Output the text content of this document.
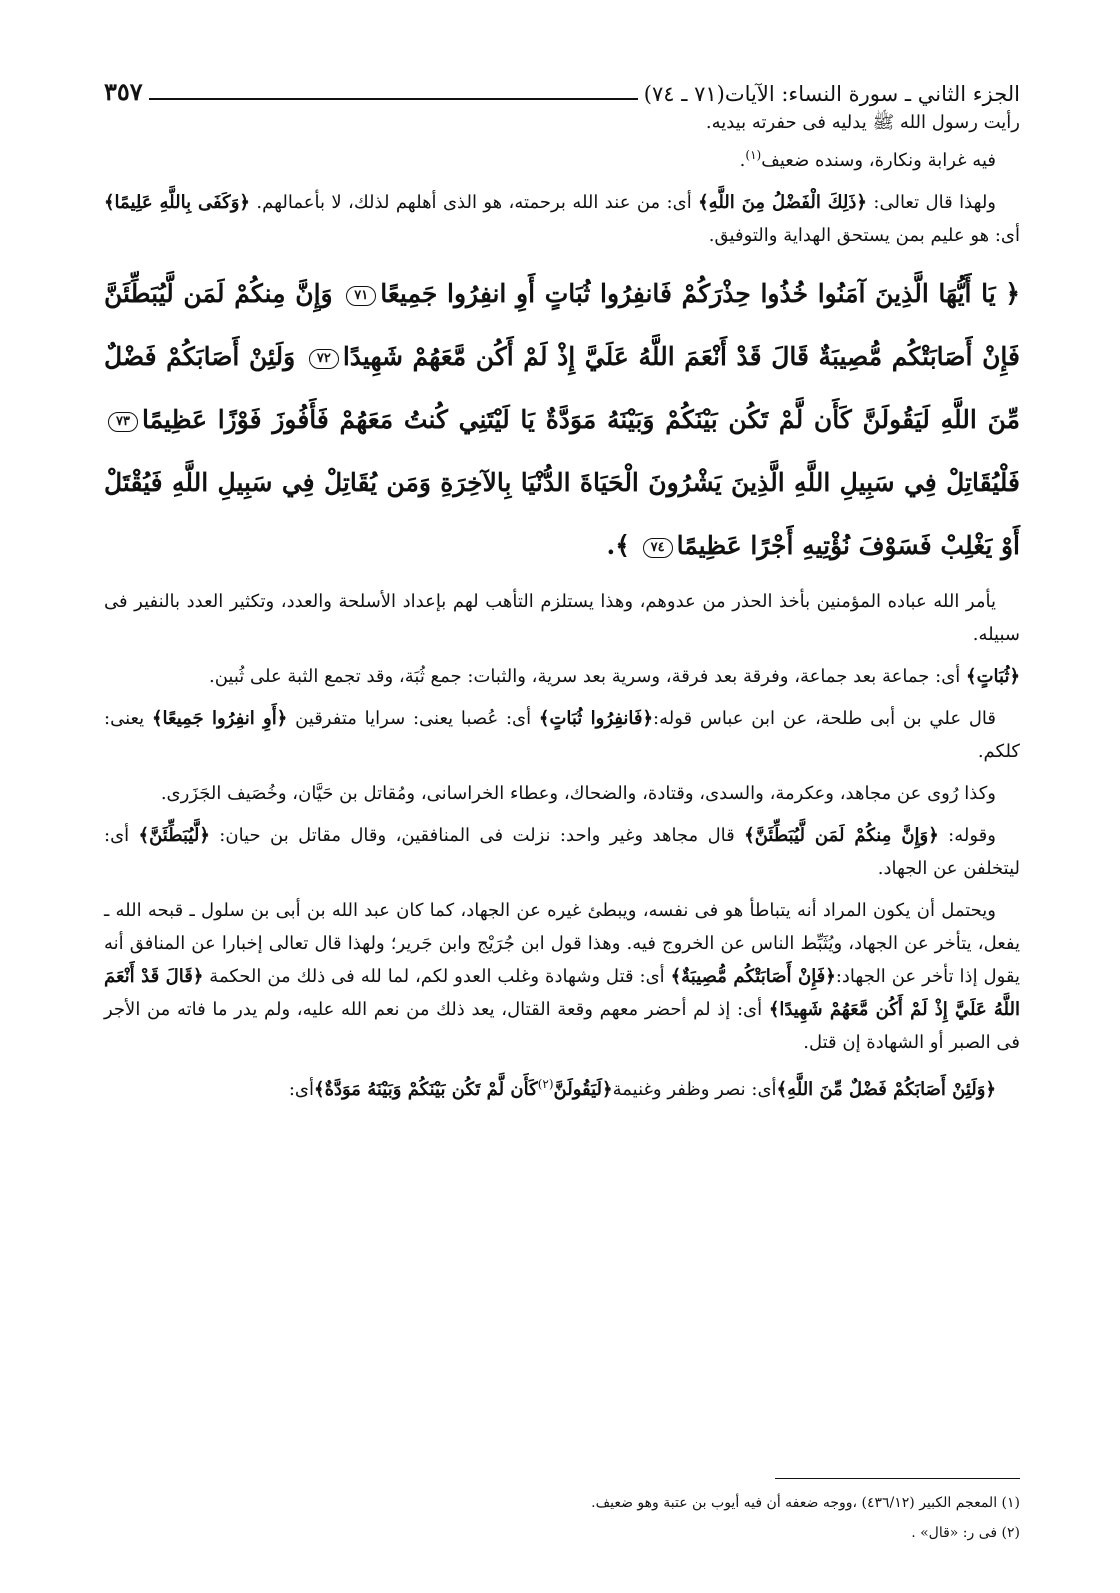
الجزء الثاني ـ سورة النساء: الآيات(٧١ ـ ٧٤)
٣٥٧

رأيت رسول الله ﷺ يدليه فى حفرته بيديه.

فيه غرابة ونكارة، وسنده ضعيف$^{(١)}$.

ولهذا قال تعالى: ﴿ذَلِكَ الْفَضْلُ مِنَ اللَّهِ﴾ أى: من عند الله برحمته، هو الذى أهلهم لذلك، لا بأعمالهم. ﴿وَكَفَى بِاللَّهِ عَلِيمًا﴾ أى: هو عليم بمن يستحق الهداية والتوفيق.

﴿ يَا أَيُّهَا الَّذِينَ آمَنُوا خُذُوا حِذْرَكُمْ فَانفِرُوا ثُبَاتٍ أَوِ انفِرُوا جَمِيعًا٧١ وَإِنَّ مِنكُمْ لَمَن لَّيُبَطِّئَنَّ فَإِنْ أَصَابَتْكُم مُّصِيبَةٌ قَالَ قَدْ أَنْعَمَ اللَّهُ عَلَيَّ إِذْ لَمْ أَكُن مَّعَهُمْ شَهِيدًا٧٢ وَلَئِنْ أَصَابَكُمْ فَضْلٌ مِّنَ اللَّهِ لَيَقُولَنَّ كَأَن لَّمْ تَكُن بَيْنَكُمْ وَبَيْنَهُ مَوَدَّةٌ يَا لَيْتَنِي كُنتُ مَعَهُمْ فَأَفُوزَ فَوْزًا عَظِيمًا٧٣ فَلْيُقَاتِلْ فِي سَبِيلِ اللَّهِ الَّذِينَ يَشْرُونَ الْحَيَاةَ الدُّنْيَا بِالآخِرَةِ وَمَن يُقَاتِلْ فِي سَبِيلِ اللَّهِ فَيُقْتَلْ أَوْ يَغْلِبْ فَسَوْفَ نُؤْتِيهِ أَجْرًا عَظِيمًا٧٤ ﴾.

يأمر الله عباده المؤمنين بأخذ الحذر من عدوهم، وهذا يستلزم التأهب لهم بإعداد الأسلحة والعدد، وتكثير العدد بالنفير فى سبيله.

﴿ثُبَاتٍ﴾ أى: جماعة بعد جماعة، وفرقة بعد فرقة، وسرية بعد سرية، والثبات: جمع ثُبَة، وقد تجمع الثبة على ثُبين.

قال علي بن أبى طلحة، عن ابن عباس قوله:﴿فَانفِرُوا ثُبَاتٍ﴾ أى: عُصبا يعنى: سرايا متفرقين ﴿أَوِ انفِرُوا جَمِيعًا﴾ يعنى: كلكم.

وكذا رُوى عن مجاهد، وعكرمة، والسدى، وقتادة، والضحاك، وعطاء الخراسانى، ومُقاتل بن حَيَّان، وخُصَيف الجَزَرى.

وقوله: ﴿وَإِنَّ مِنكُمْ لَمَن لَّيُبَطِّئَنَّ﴾ قال مجاهد وغير واحد: نزلت فى المنافقين، وقال مقاتل بن حيان: ﴿لَّيُبَطِّئَنَّ﴾ أى: ليتخلفن عن الجهاد.

ويحتمل أن يكون المراد أنه يتباطأ هو فى نفسه، ويبطئ غيره عن الجهاد، كما كان عبد الله بن أبى بن سلول ـ قبحه الله ـ يفعل، يتأخر عن الجهاد، ويُثَبِّط الناس عن الخروج فيه. وهذا قول ابن جُرَيْج وابن جَرير؛ ولهذا قال تعالى إخبارا عن المنافق أنه يقول إذا تأخر عن الجهاد:﴿فَإِنْ أَصَابَتْكُم مُّصِيبَةٌ﴾ أى: قتل وشهادة وغلب العدو لكم، لما لله فى ذلك من الحكمة ﴿قَالَ قَدْ أَنْعَمَ اللَّهُ عَلَيَّ إِذْ لَمْ أَكُن مَّعَهُمْ شَهِيدًا﴾ أى: إذ لم أحضر معهم وقعة القتال، يعد ذلك من نعم الله عليه، ولم يدر ما فاته من الأجر فى الصبر أو الشهادة إن قتل.

﴿وَلَئِنْ أَصَابَكُمْ فَضْلٌ مِّنَ اللَّهِ﴾أى: نصر وظفر وغنيمة﴿لَيَقُولَنَّ$^{(٢)}$كَأَن لَّمْ تَكُن بَيْنَكُمْ وَبَيْنَهُ مَوَدَّةٌ﴾أى:

(١) المعجم الكبير (٤٣٦/١٢) ،ووجه ضعفه أن فيه أيوب بن عتبة وهو ضعيف.

(٢) فى ر: «قال» .
